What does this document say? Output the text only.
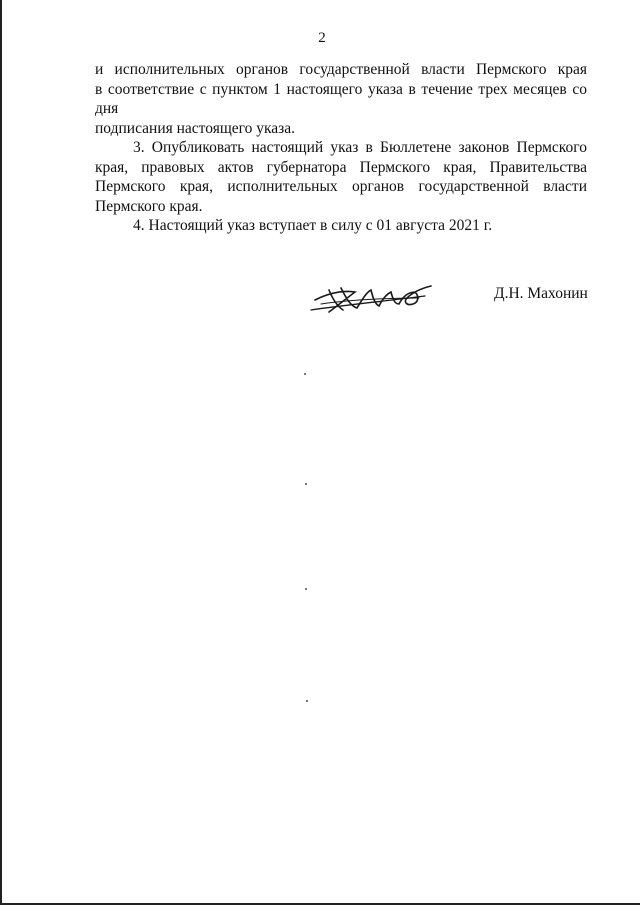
2

и исполнительных органов государственной власти Пермского края
в соответствие с пунктом 1 настоящего указа в течение трех месяцев со дня
подписания настоящего указа.

3. Опубликовать настоящий указ в Бюллетене законов Пермского
края, правовых актов губернатора Пермского края, Правительства
Пермского края, исполнительных органов государственной власти
Пермского края.

4. Настоящий указ вступает в силу с 01 августа 2021 г.

Д.Н. Махонин
